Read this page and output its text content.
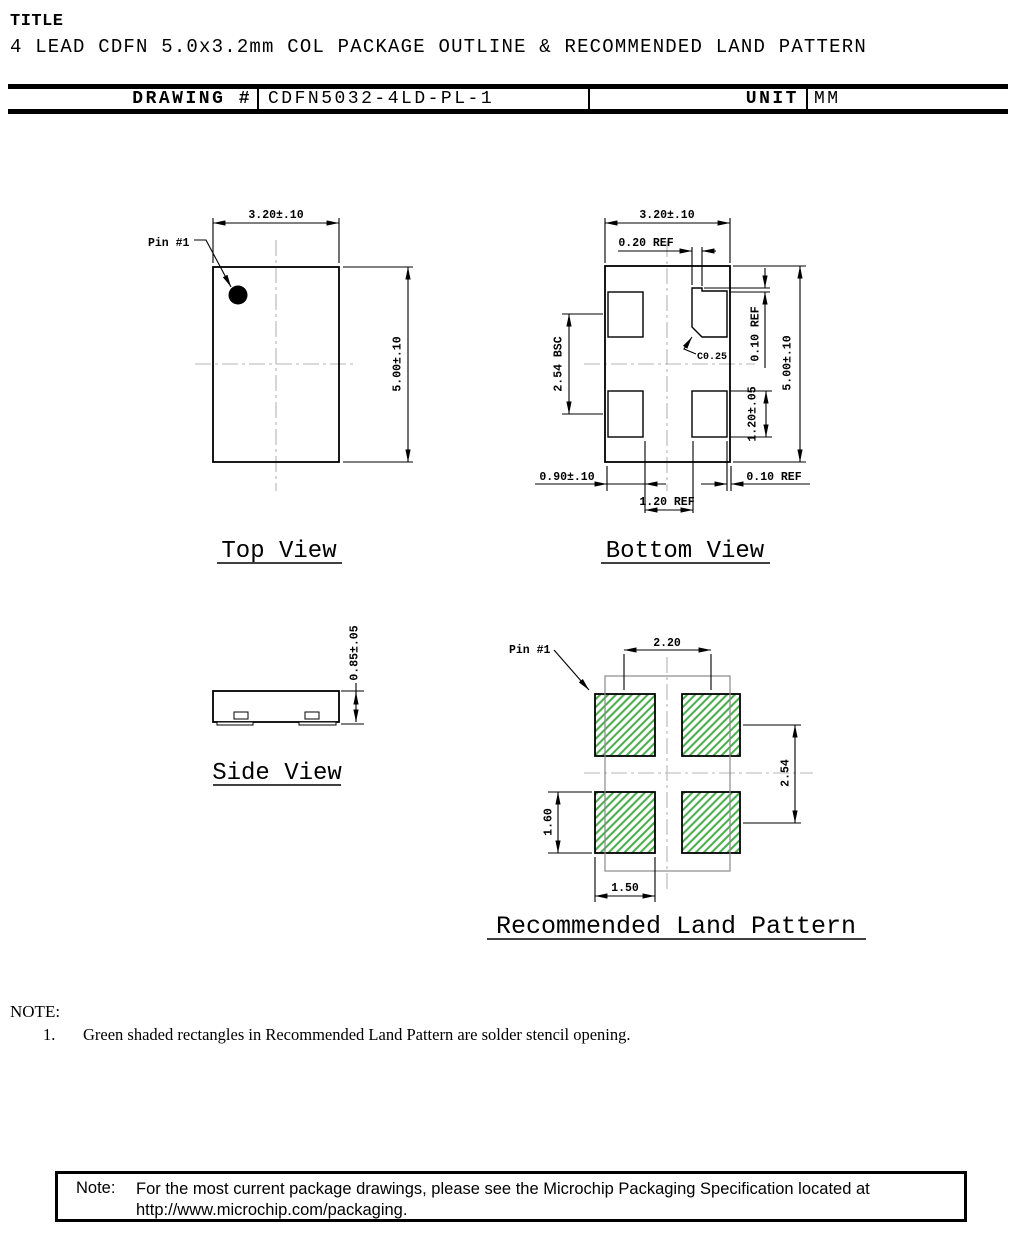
TITLE
4 LEAD CDFN 5.0x3.2mm COL PACKAGE OUTLINE & RECOMMENDED LAND PATTERN
DRAWING # CDFN5032-4LD-PL-1	UNIT MM
Pin #1
3.20±.10
5.00±.10
Top View
C0.25
3.20±.10
0.20 REF
0.10 REF
5.00±.10
2.54 BSC
1.20±.05
0.90±.10
1.20 REF
0.10 REF
Bottom View
0.85±.05
Side View
Pin #1
2.20
2.54
1.60
1.50
Recommended Land Pattern
NOTE:
1. Green shaded rectangles in Recommended Land Pattern are solder stencil opening.
Note: For the most current package drawings, please see the Microchip Packaging Specification located at
http://www.microchip.com/packaging.
